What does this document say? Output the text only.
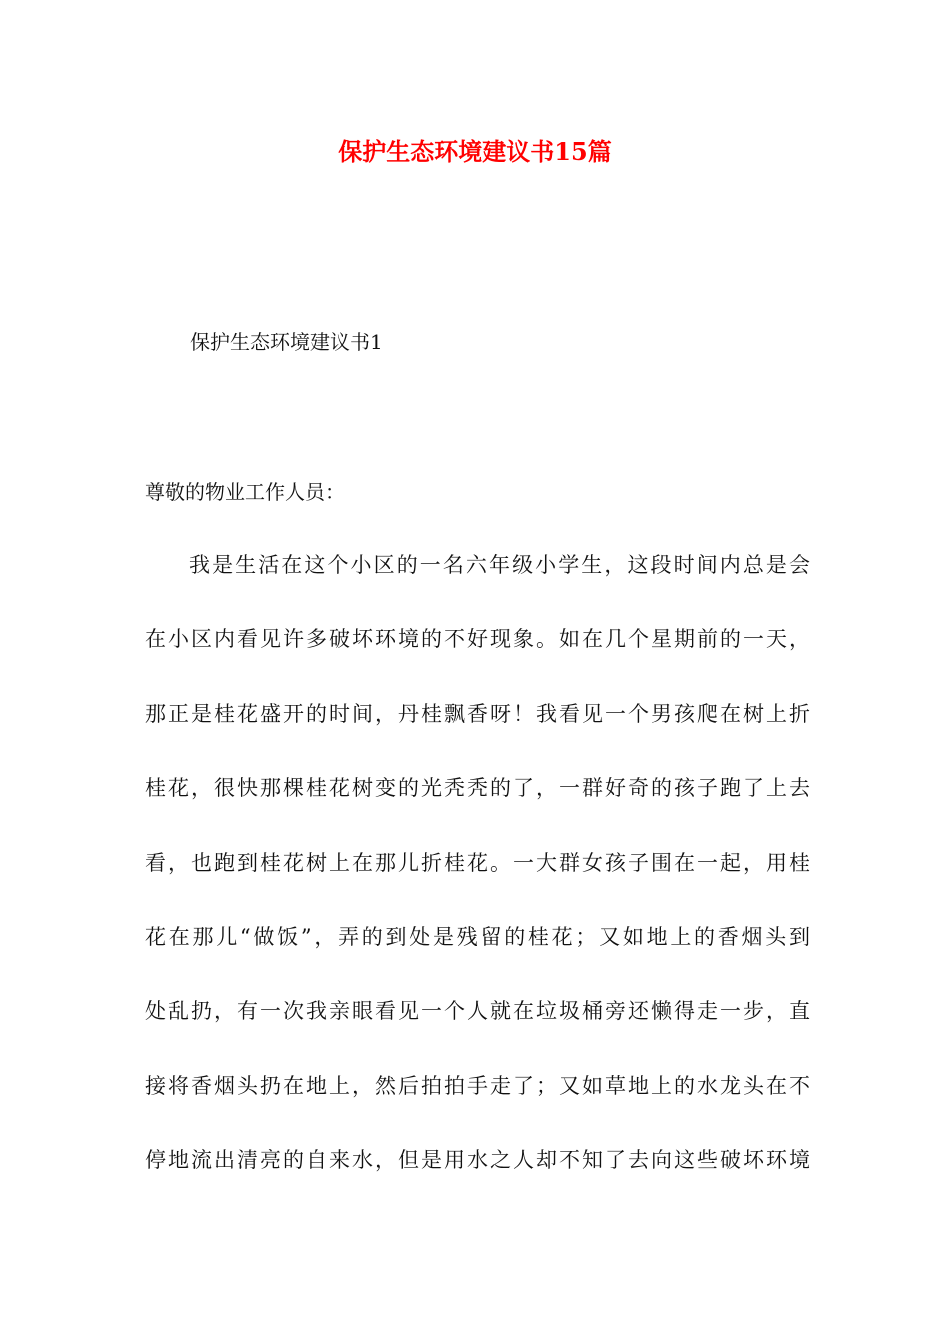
保护生态环境建议书15篇

保护生态环境建议书1

尊敬的物业工作人员：

我是生活在这个小区的一名六年级小学生，这段时间内总是会
在小区内看见许多破坏环境的不好现象。如在几个星期前的一天，
那正是桂花盛开的时间，丹桂飘香呀！我看见一个男孩爬在树上折
桂花，很快那棵桂花树变的光秃秃的了，一群好奇的孩子跑了上去
看，也跑到桂花树上在那儿折桂花。一大群女孩子围在一起，用桂
花在那儿“做饭”，弄的到处是残留的桂花；又如地上的香烟头到
处乱扔，有一次我亲眼看见一个人就在垃圾桶旁还懒得走一步，直
接将香烟头扔在地上，然后拍拍手走了；又如草地上的水龙头在不
停地流出清亮的自来水，但是用水之人却不知了去向这些破坏环境
